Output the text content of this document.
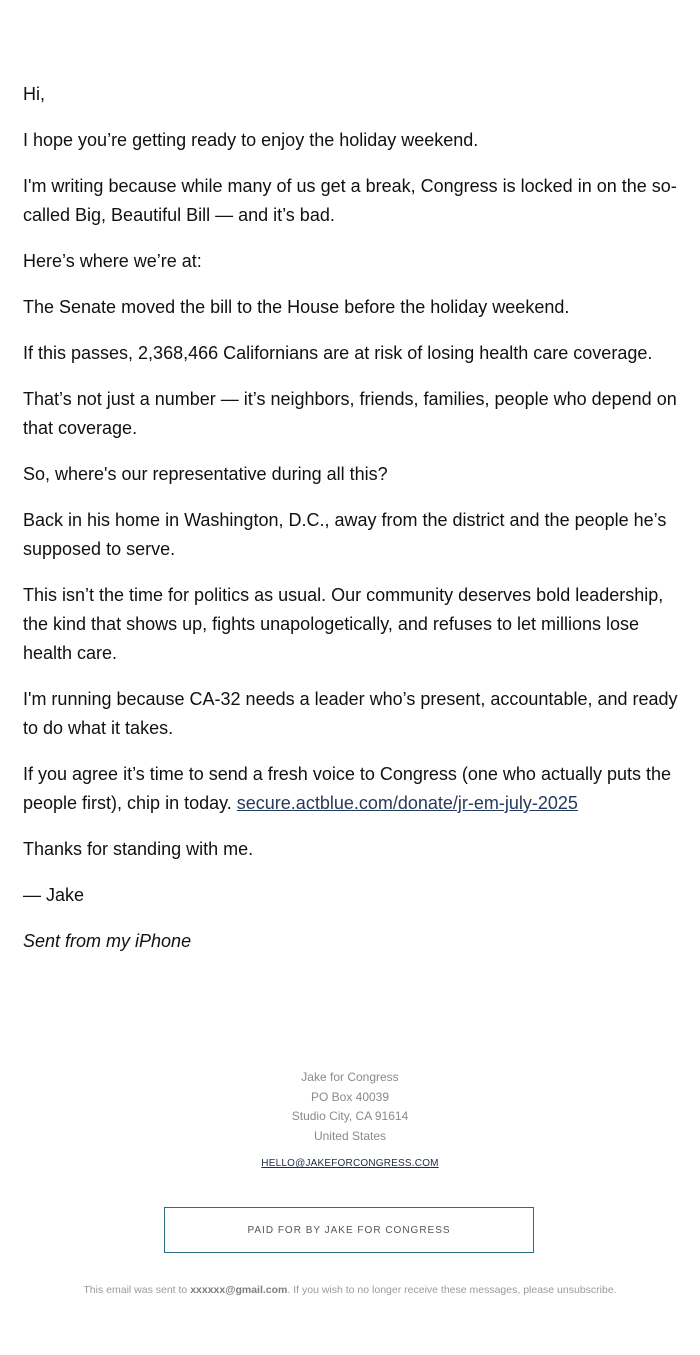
Hi,

I hope you’re getting ready to enjoy the holiday weekend.

I'm writing because while many of us get a break, Congress is locked in on the so-called Big, Beautiful Bill — and it’s bad.

Here’s where we’re at:

The Senate moved the bill to the House before the holiday weekend.

If this passes, 2,368,466 Californians are at risk of losing health care coverage.

That’s not just a number — it’s neighbors, friends, families, people who depend on that coverage.

So, where's our representative during all this?

Back in his home in Washington, D.C., away from the district and the people he’s supposed to serve.

This isn’t the time for politics as usual. Our community deserves bold leadership, the kind that shows up, fights unapologetically, and refuses to let millions lose health care.

I'm running because CA-32 needs a leader who’s present, accountable, and ready to do what it takes.

If you agree it’s time to send a fresh voice to Congress (one who actually puts the people first), chip in today. secure.actblue.com/donate/jr-em-july-2025

Thanks for standing with me.

— Jake

Sent from my iPhone

Jake for Congress
PO Box 40039
Studio City, CA 91614
United States
HELLO@JAKEFORCONGRESS.COM
PAID FOR BY JAKE FOR CONGRESS
This email was sent to xxxxxx@gmail.com. If you wish to no longer receive these messages, please unsubscribe.
